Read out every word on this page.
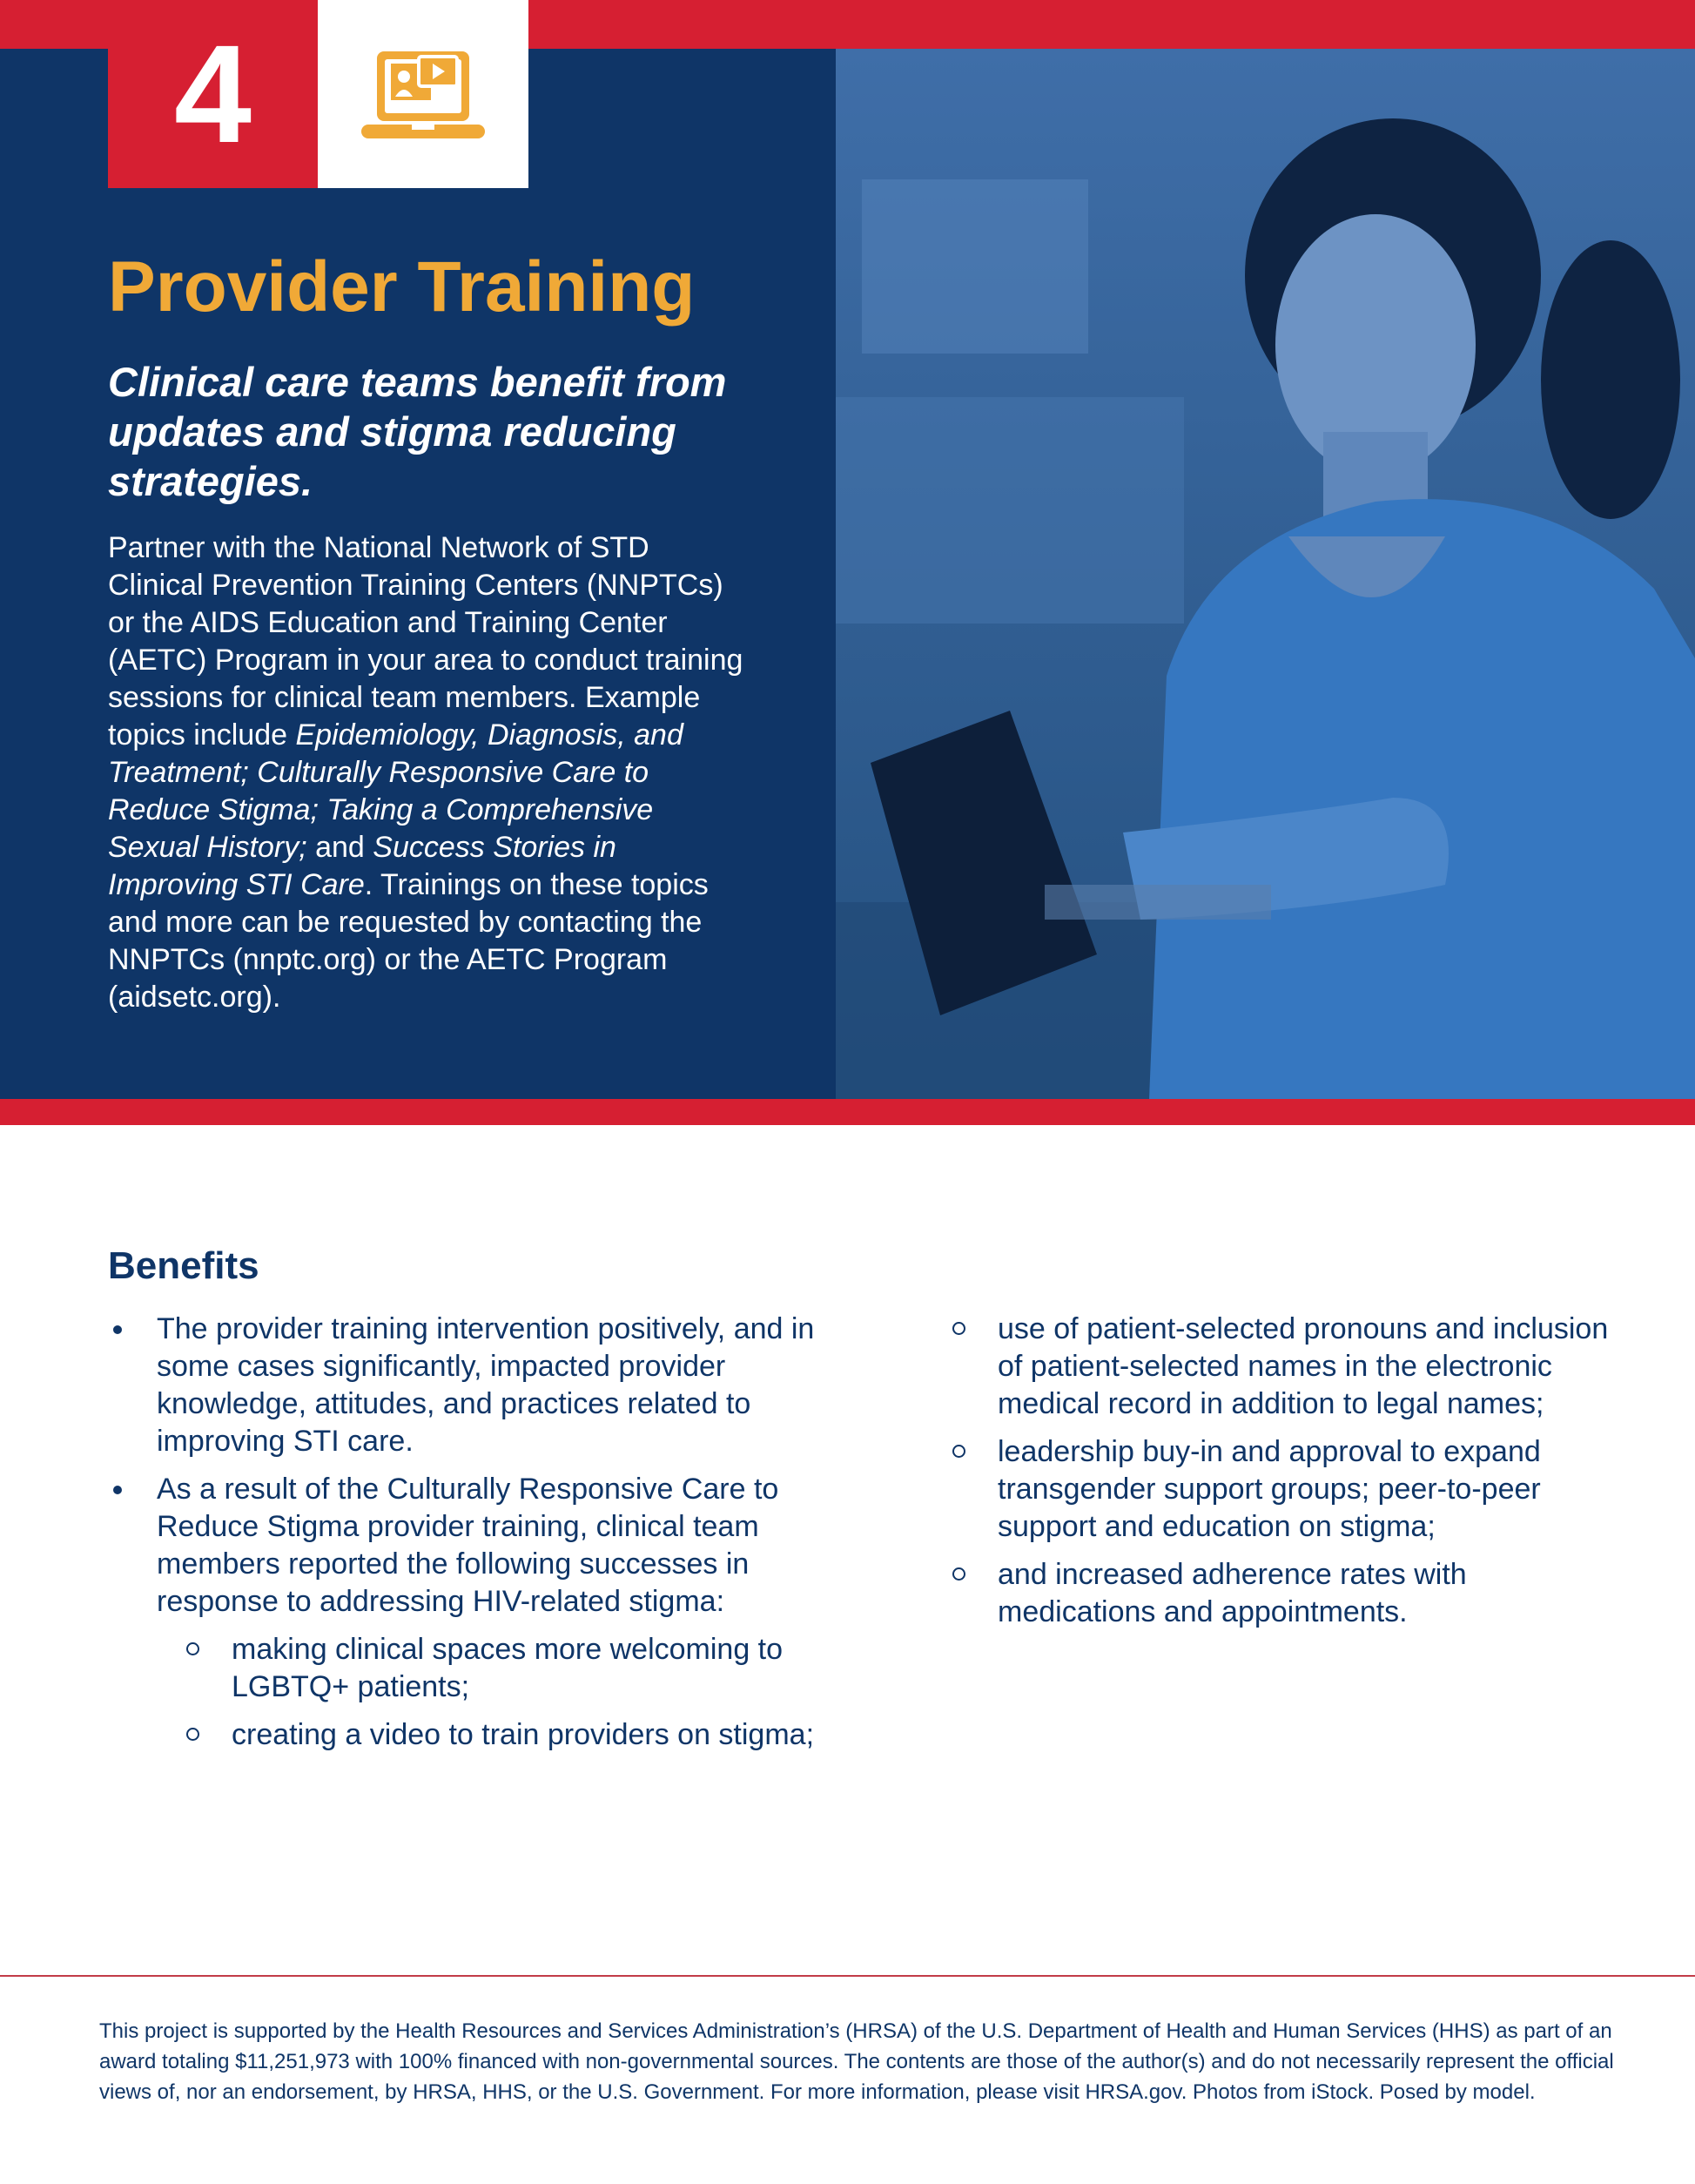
4
Provider Training

Clinical care teams benefit from updates and stigma reducing strategies.

Partner with the National Network of STD Clinical Prevention Training Centers (NNPTCs) or the AIDS Education and Training Center (AETC) Program in your area to conduct training sessions for clinical team members. Example topics include Epidemiology, Diagnosis, and Treatment; Culturally Responsive Care to Reduce Stigma; Taking a Comprehensive Sexual History; and Success Stories in Improving STI Care. Trainings on these topics and more can be requested by contacting the NNPTCs (nnptc.org) or the AETC Program (aidsetc.org).

Benefits
The provider training intervention positively, and in some cases significantly, impacted provider knowledge, attitudes, and practices related to improving STI care.
As a result of the Culturally Responsive Care to Reduce Stigma provider training, clinical team members reported the following successes in response to addressing HIV-related stigma:
making clinical spaces more welcoming to LGBTQ+ patients;
creating a video to train providers on stigma;
use of patient-selected pronouns and inclusion of patient-selected names in the electronic medical record in addition to legal names;
leadership buy-in and approval to expand transgender support groups; peer-to-peer support and education on stigma;
and increased adherence rates with medications and appointments.

This project is supported by the Health Resources and Services Administration’s (HRSA) of the U.S. Department of Health and Human Services (HHS) as part of an award totaling $11,251,973 with 100% financed with non-governmental sources. The contents are those of the author(s) and do not necessarily represent the official views of, nor an endorsement, by HRSA, HHS, or the U.S. Government. For more information, please visit HRSA.gov. Photos from iStock. Posed by model.
